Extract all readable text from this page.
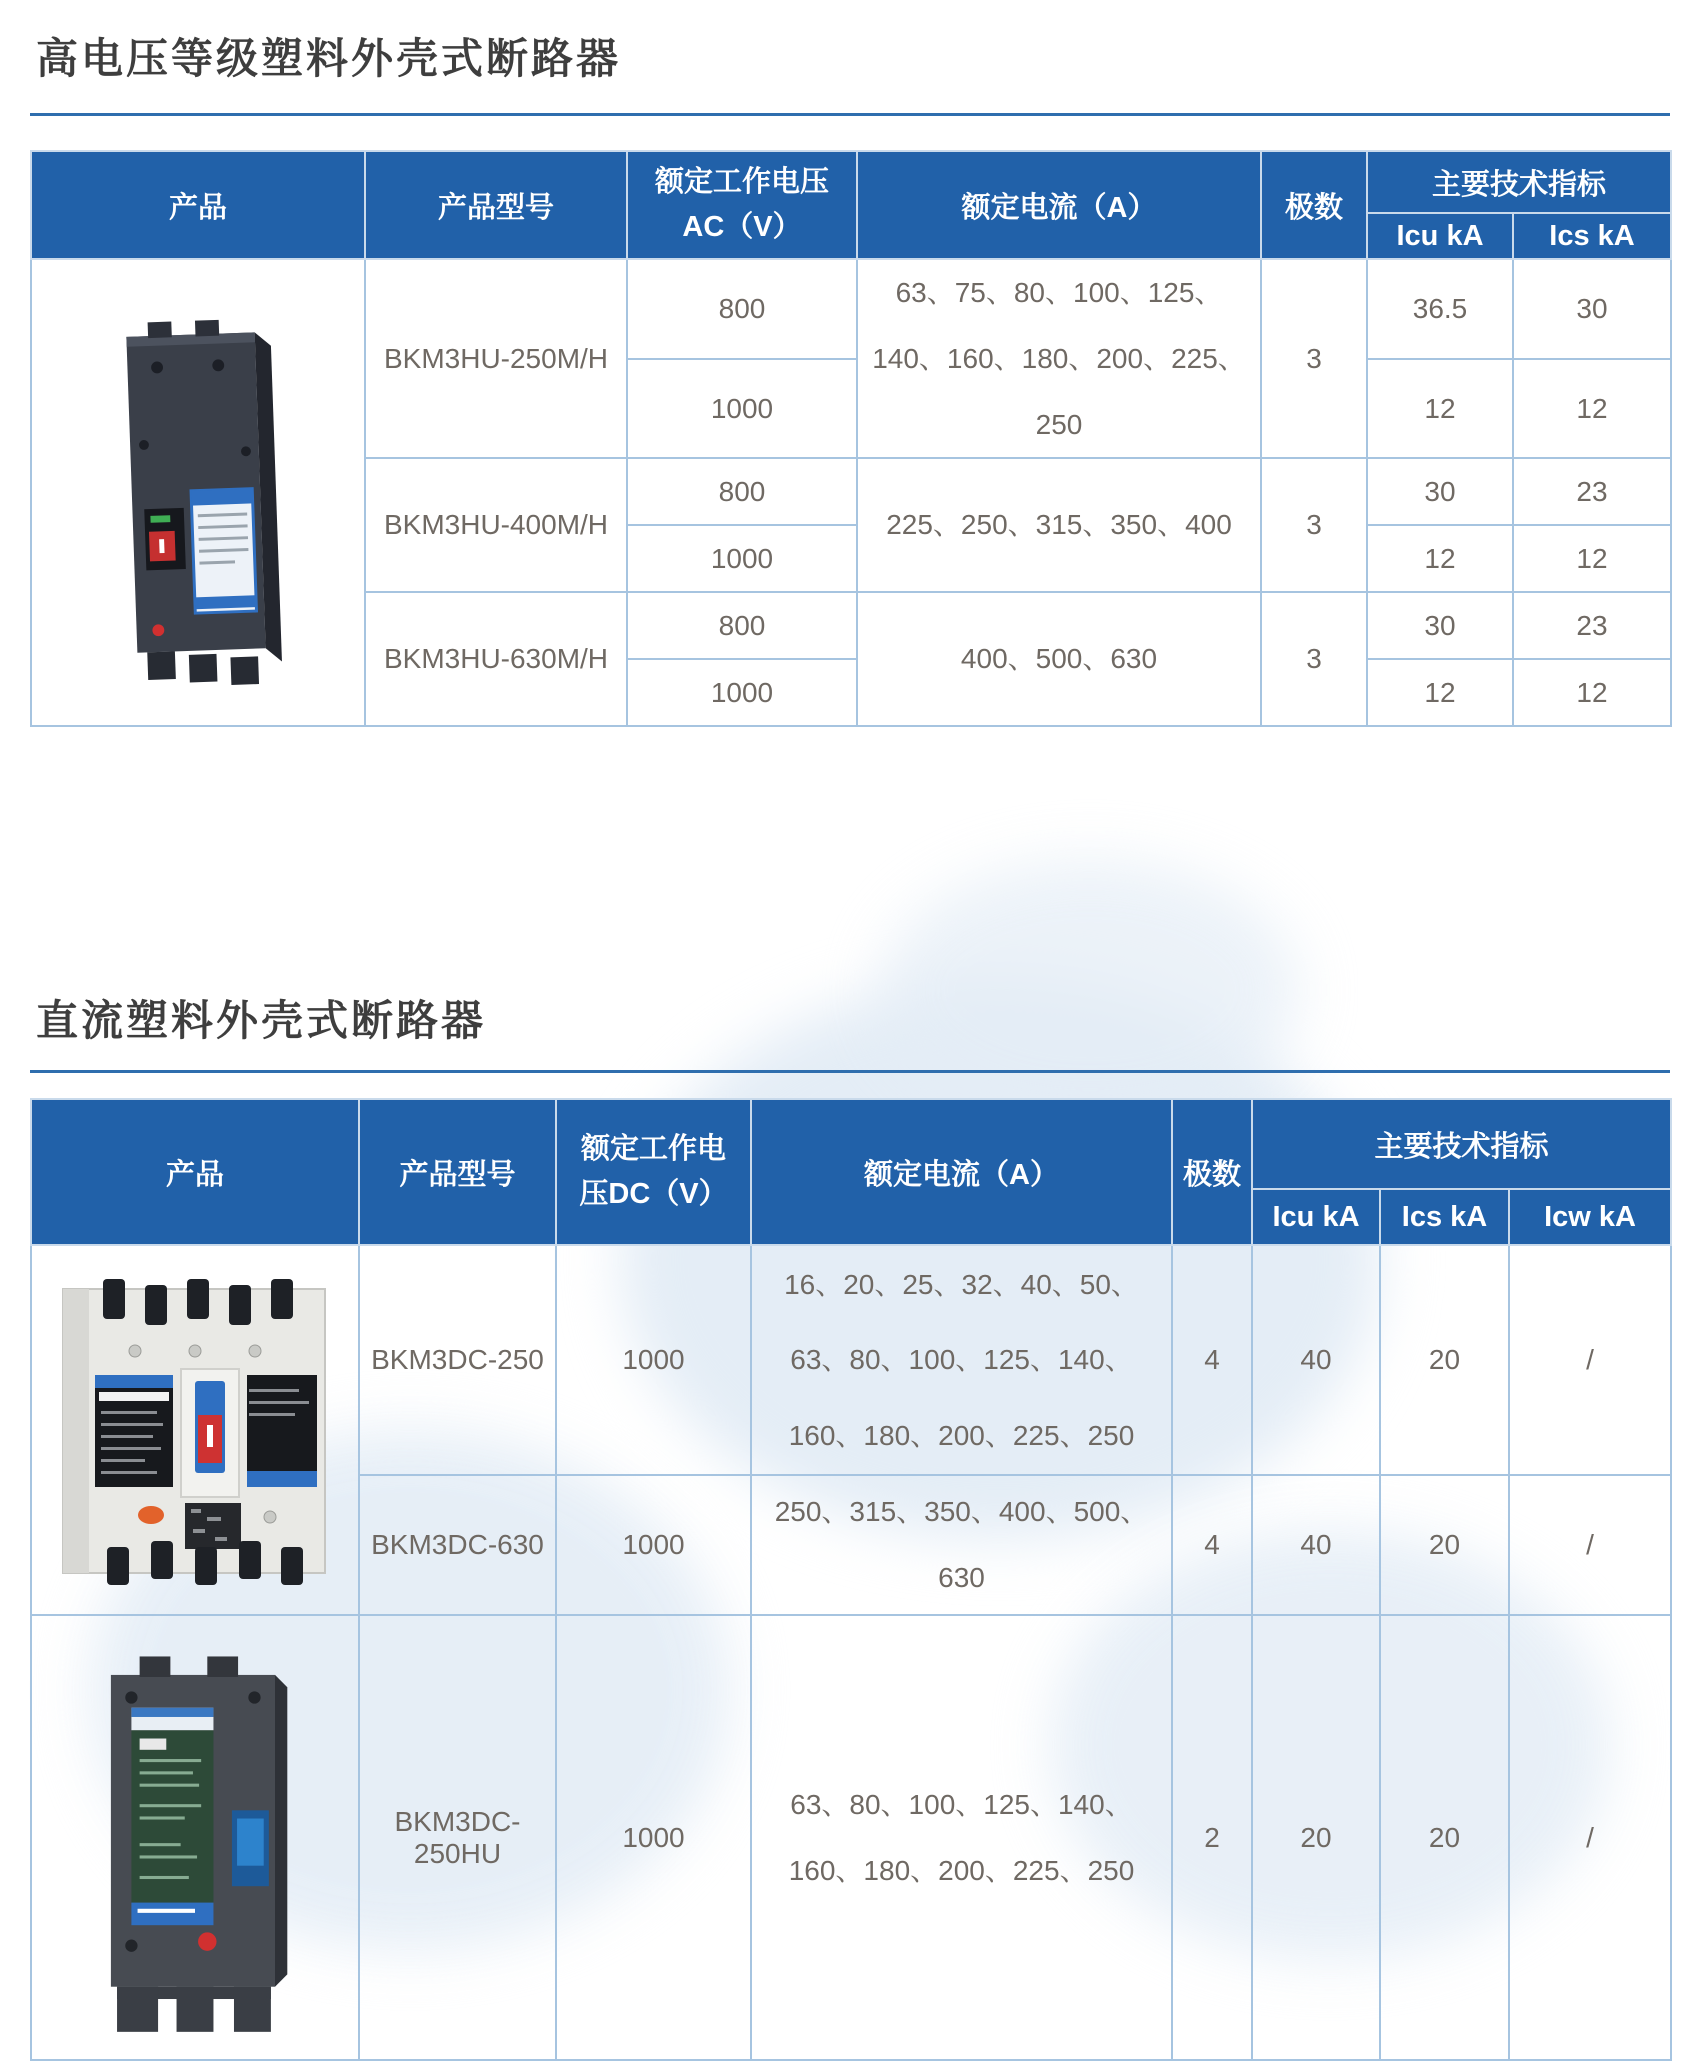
高电压等级塑料外壳式断路器
产品	产品型号	额定工作电压
AC（V）	额定电流（A）	极数	主要技术指标	
					Icu kA	Ics kA

	BKM3HU-250M/H	800	63、75、80、100、125、140、160、180、200、225、250	3	36.5	30
		1000			12	12
	BKM3HU-400M/H	800	225、250、315、350、400	3	30	23
		1000			12	12
	BKM3HU-630M/H	800	400、500、630	3	30	23
		1000			12	12
直流塑料外壳式断路器
产品	产品型号	额定工作电
压DC（V）	额定电流（A）	极数	主要技术指标		
					Icu kA	Ics kA	Icw kA

	BKM3DC-250	1000	16、20、25、32、40、50、63、80、100、125、140、160、180、200、225、250	4	40	20	/
	BKM3DC-630	1000	250、315、350、400、500、630	4	40	20	/

	BKM3DC-250HU	1000	63、80、100、125、140、160、180、200、225、250	2	20	20	/
